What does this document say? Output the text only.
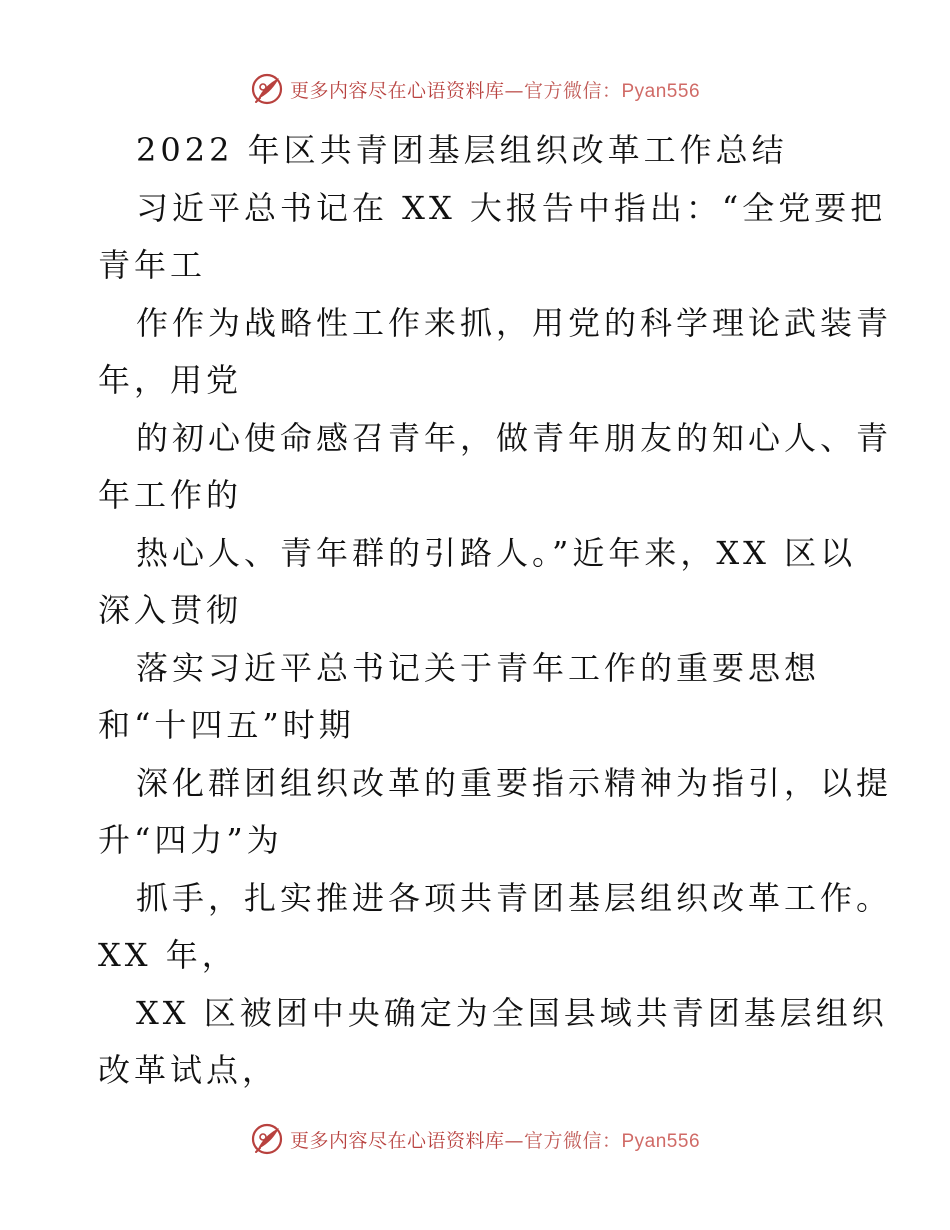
更多内容尽在心语资料库—官方微信：Pyan556
2022 年区共青团基层组织改革工作总结
习近平总书记在 XX 大报告中指出：“全党要把
青年工
作作为战略性工作来抓，用党的科学理论武装青
年，用党
的初心使命感召青年，做青年朋友的知心人、青
年工作的
热心人、青年群的引路人。”近年来，XX 区以
深入贯彻
落实习近平总书记关于青年工作的重要思想
和“十四五”时期
深化群团组织改革的重要指示精神为指引，以提
升“四力”为
抓手，扎实推进各项共青团基层组织改革工作。
XX 年，
XX 区被团中央确定为全国县域共青团基层组织
改革试点，
更多内容尽在心语资料库—官方微信：Pyan556
